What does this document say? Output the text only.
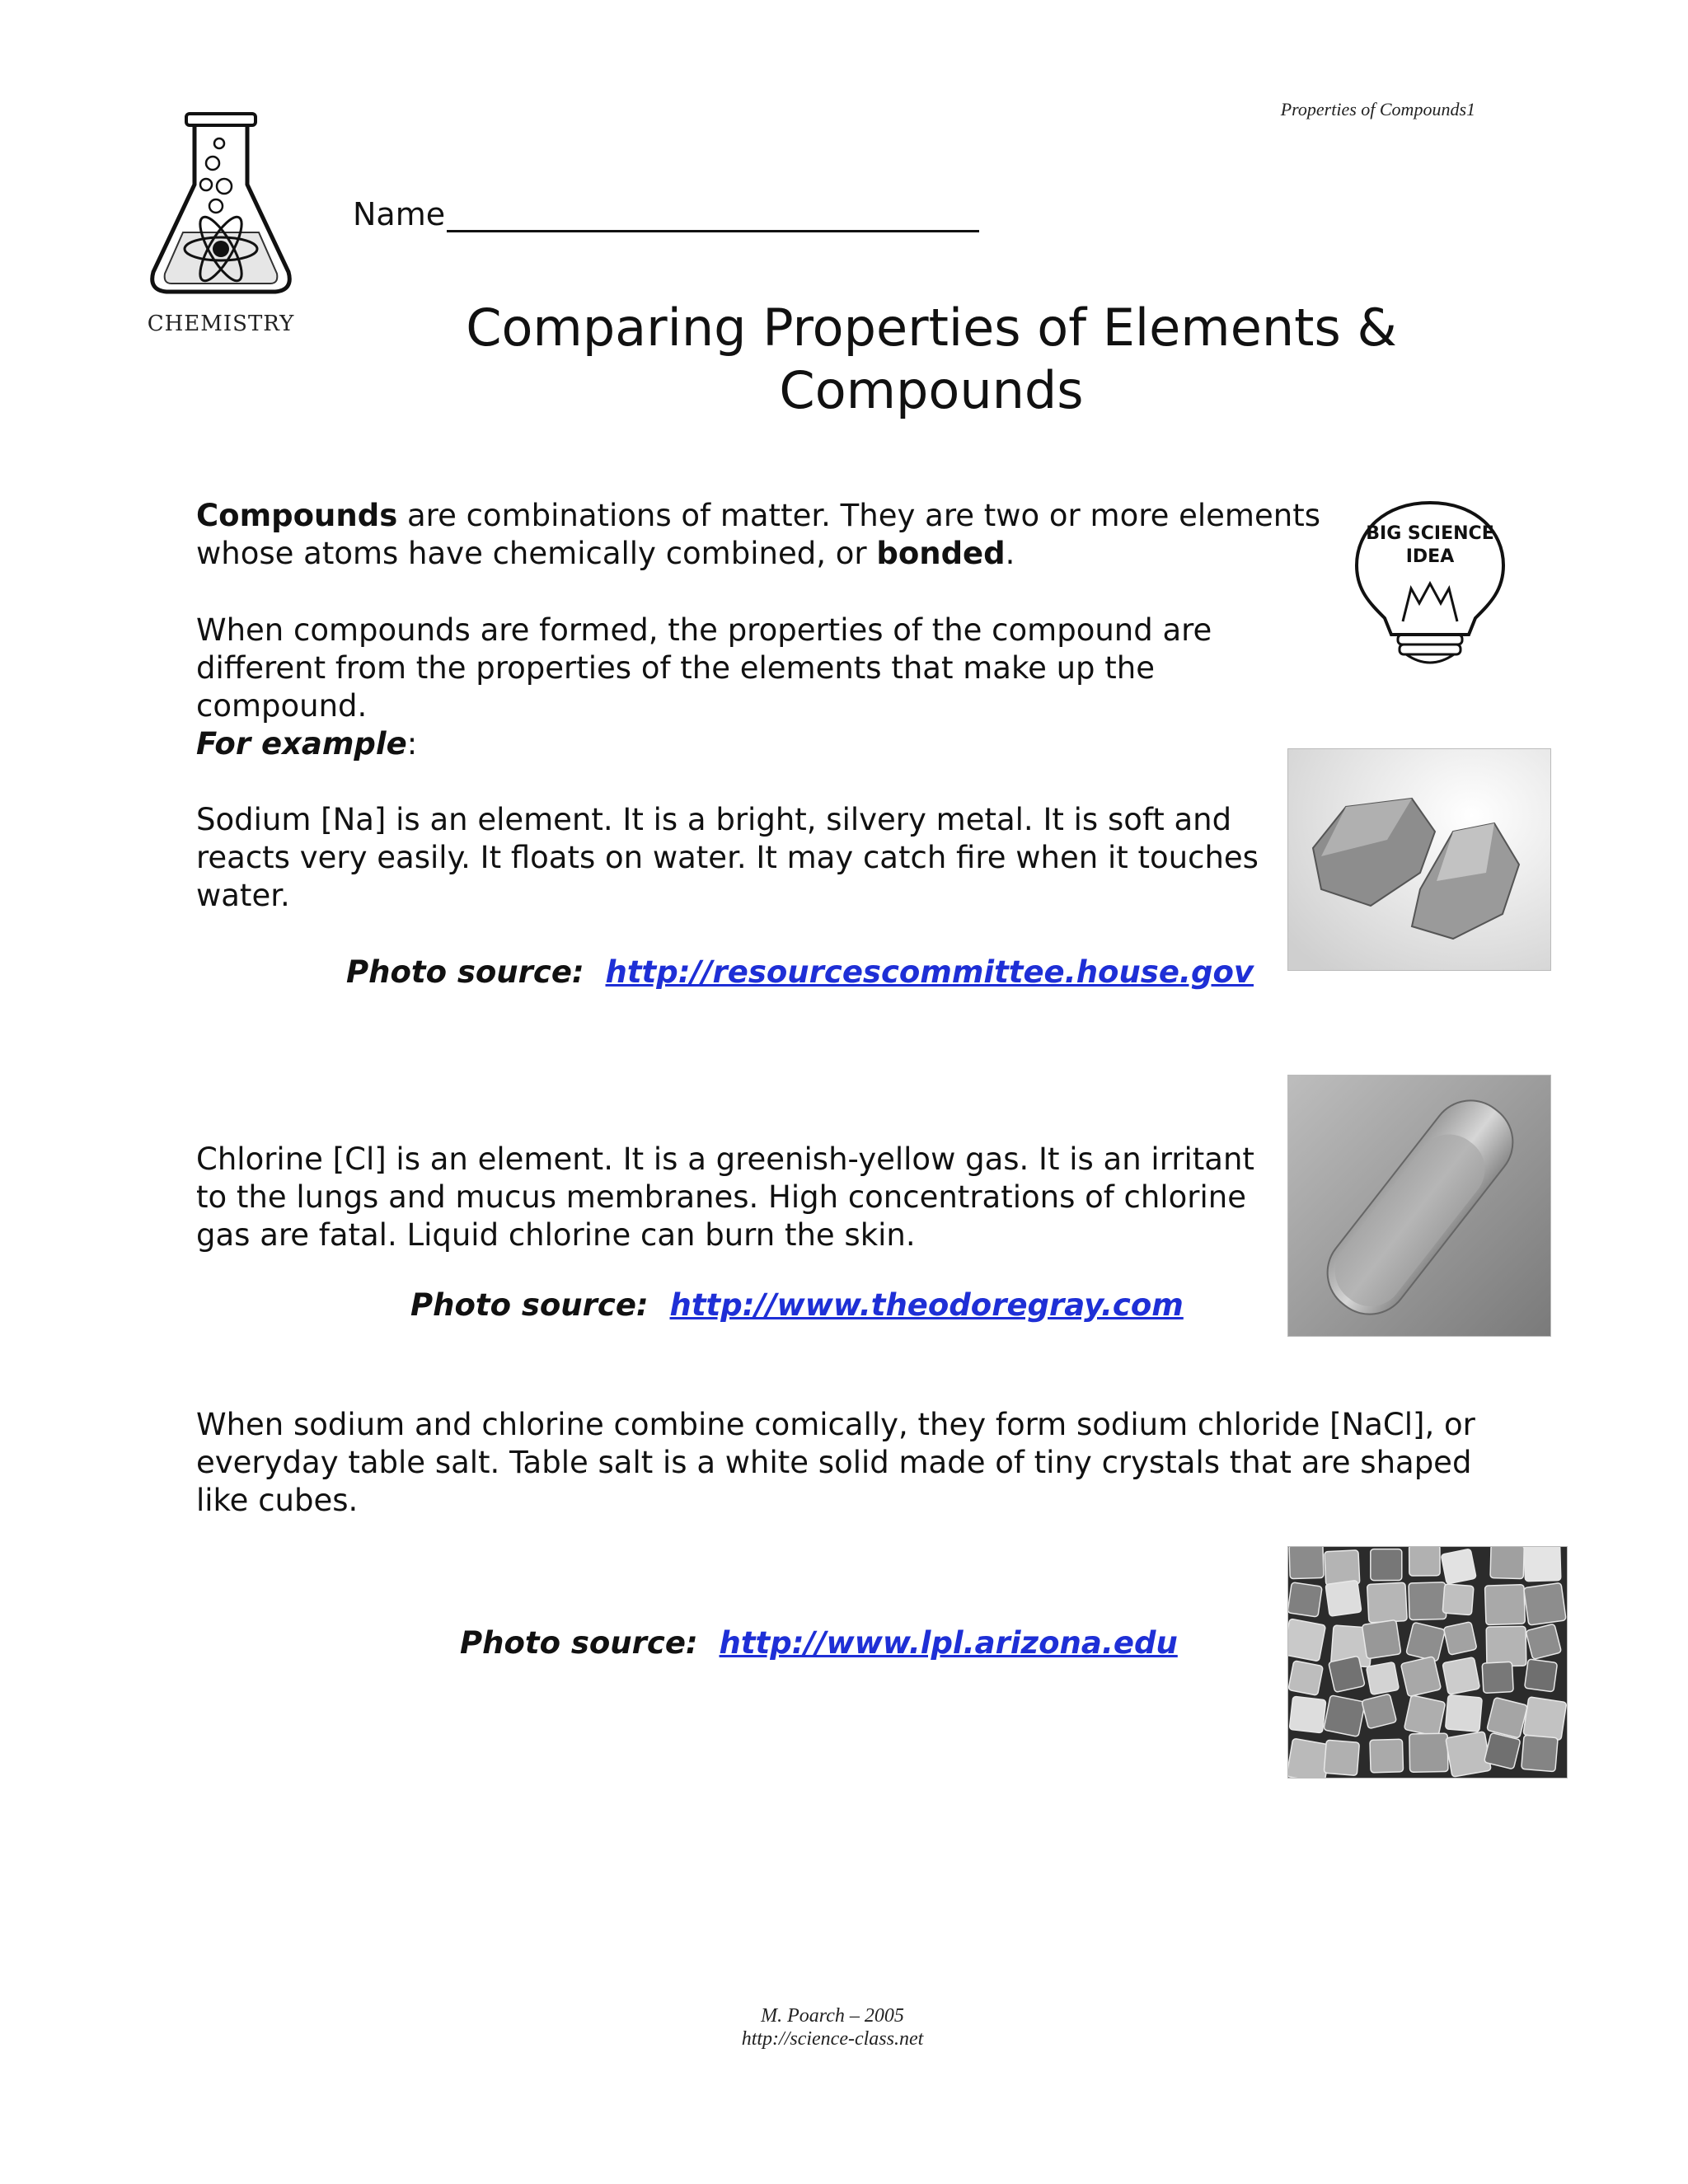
Properties of Compounds1
CHEMISTRY
Name
Comparing Properties of Elements &
Compounds
Compounds are combinations of matter. They are two or more elements whose atoms have chemically combined, or bonded.
BIG SCIENCE
IDEA
When compounds are formed, the properties of the compound are different from the properties of the elements that make up the compound.
For example:
Sodium [Na] is an element. It is a bright, silvery metal. It is soft and reacts very easily. It floats on water. It may catch fire when it touches water.
Photo source: http://resourcescommittee.house.gov
Chlorine [Cl] is an element. It is a greenish-yellow gas. It is an irritant to the lungs and mucus membranes. High concentrations of chlorine gas are fatal. Liquid chlorine can burn the skin.
Photo source: http://www.theodoregray.com
When sodium and chlorine combine comically, they form sodium chloride [NaCl], or everyday table salt. Table salt is a white solid made of tiny crystals that are shaped like cubes.
Photo source: http://www.lpl.arizona.edu
M. Poarch – 2005
http://science-class.net
